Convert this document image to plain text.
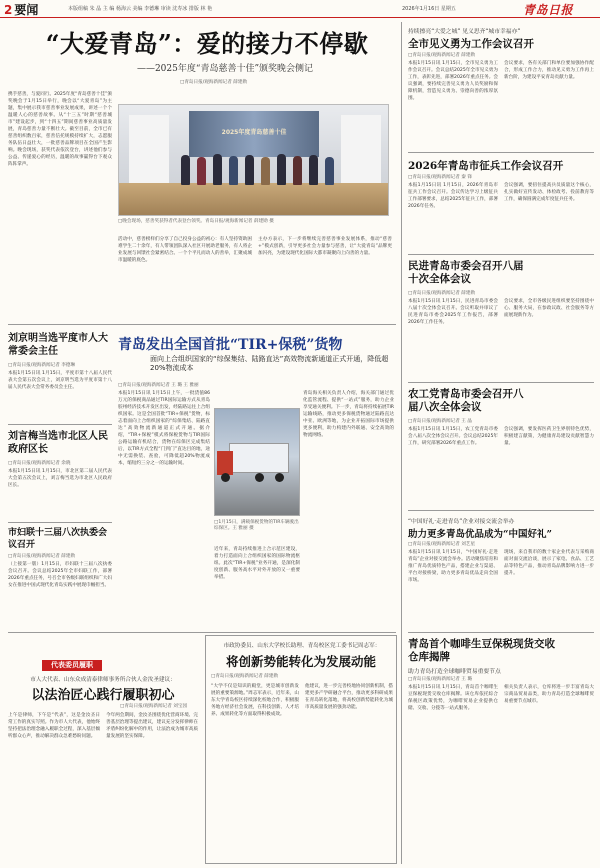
2 要闻	本版组稿 朱 晶 主 编 杨海云 美编 李德琳 审读 沈寿冰 排版 林 艳	2026年1月16日 星期五	青岛日报
“大爱青岛”：爱的接力不停歇
——2025年度“青岛慈善十佳”颁奖晚会侧记
□青岛日报/观海新闻记者 薛建勋
携手慈善，与爱同行。2025年度“青岛慈善十佳”颁奖晚会于1月15日举行，晚会以“大爱青岛”为主题，集中展示我市慈善事业发展成果，讲述一个个温暖人心的慈善故事。从“十三五”时期“慈善城市”建设起步，到“十四五”期间慈善事业高质量发展，青岛慈善力量不断壮大。截至目前，全市已有慈善组织数百家，慈善信托规模持续扩大，志愿服务队伍日益壮大，一批慈善品牌项目在全国产生影响。晚会现场，获奖代表依次登台，讲述他们参与公益、传递爱心的经历，温暖的故事赢得台下观众阵阵掌声。
2025年度青岛慈善十佳
□晚会现场，慈善奖获得者代表登台领奖。青岛日报/观海新闻记者 薛建勋 摄
活动中，慈善榜样们分享了自己投身公益的初心：有人坚持资助困难学生二十余年，有人带领团队深入社区开展助老服务，有人将企业发展与回馈社会紧密结合。一个个平凡而动人的善举，汇聚成城市温暖的底色。
主办方表示，下一步将继续完善慈善事业发展体系，推动“慈善+”模式创新，引导更多社会力量参与慈善，让“大爱青岛”品牌更加闪亮，为建设现代化国际大都市凝聚向上向善的力量。
刘京明当选平度市人大常委会主任
□青岛日报/观海新闻记者 李德琳
本报1月15日讯 1月15日，平度市第十八届人民代表大会第五次会议上，刘京明当选为平度市第十八届人民代表大会常务委员会主任。
刘言梅当选市北区人民政府区长
□青岛日报/观海新闻记者 余晓
本报1月15日讯 1月15日，市北区第二届人民代表大会第五次会议上，刘言梅当选为市北区人民政府区长。
市妇联十三届八次执委会议召开
□青岛日报/观海新闻记者 薛建勋
（上接第一版）1月15日，市妇联十三届八次执委会议召开。会议总结2025年全市妇联工作，部署2026年重点任务，号召全市各级妇联组织和广大妇女在推进中国式现代化青岛实践中展现巾帼担当。
青岛发出全国首批“TIR+保税”货物
面向上合组织国家的“综保集结、陆路直达”高效物流新通道正式开通，降低超20%物流成本
□青岛日报/观海新闻记者 王 璐 王 雅丽
本报1月15日讯 1月15日上午，一批货值86万元的保税商品通过TIR国际运输方式从青岛胶州经济技术开发区出发，经陆路运往上合组织国家。这是全国首批“TIR+保税”货物，标志着面向上合组织国家的“综保集结、陆路直达”高效物流新通道正式开通。据介绍，“TIR+保税”模式将保税货物与TIR国际公路运输有机结合，货物在综保区完成集结后，以TIR方式全程“门到门”直达目的地，途中无需换装、查验，可降低超20%物流成本，缩短约三分之一的运输时间。
□1月15日，满载保税货物的TIR车辆驶出综保区。王 雅丽 摄
近年来，青岛持续推进上合示范区建设，着力打造面向上合组织国家的国际物流枢纽。此次“TIR+保税”业务开通，是深化制度创新、服务高水平对外开放的又一重要举措。
青岛海关相关负责人介绍，海关部门通过优化监管流程、提供“一站式”服务，助力企业享受通关便利。下一步，青岛将持续拓展TIR运输线路，推动更多保税货物通过陆路直达中亚、欧洲等地，为企业开拓国际市场提供更多便利，助力构建内外联通、安全高效的物流网络。
持续擦亮“大爱之城” 见义思齐“城市幸福亦”
全市见义勇为工作会议召开
□青岛日报/观海新闻记者 薛建勋
本报1月15日讯 1月15日，全市见义勇为工作会议召开。会议总结2025年全市见义勇为工作，表彰先进，部署2026年重点任务。会议强调，要持续完善见义勇为人员奖励和保障机制，营造见义勇为、崇德向善的浓厚氛围。
会议要求，各有关部门和单位要加强协作配合，形成工作合力，推动见义勇为工作再上新台阶，为建设平安青岛贡献力量。
2026年青岛市征兵工作会议召开
□青岛日报/观海新闻记者 秦 锋
本报1月15日讯 1月15日，2026年青岛市征兵工作会议召开。会议传达学习上级征兵工作部署要求，总结2025年征兵工作，部署2026年任务。
会议强调，要扭住提高兵员质量这个核心，扎实做好宣传发动、体检政考、役前教育等工作，确保圆满完成年度征兵任务。
民进青岛市委会召开八届十次全体会议
□青岛日报/观海新闻记者 薛建勋
本报1月15日讯 1月15日，民进青岛市委会八届十次全体会议召开。会议听取并审议了民进青岛市委会2025年工作报告，部署2026年工作任务。
会议要求，全市各级民进组织要坚持围绕中心、服务大局，在参政议政、社会服务等方面展现新作为。
农工党青岛市委会召开八届八次全体会议
□青岛日报/观海新闻记者 王 晶
本报1月15日讯 1月15日，农工党青岛市委会八届八次全体会议召开。会议总结2025年工作，研究部署2026年重点工作。
会议强调，要发挥医药卫生界别特色优势，积极建言献策，为健康青岛建设贡献智慧力量。
“中国好礼·走进青岛”企业对接交流会举办
助力更多青岛优品成为“中国好礼”
□青岛日报/观海新闻记者 刘艺星
本报1月15日讯 1月15日，“中国好礼·走进青岛”企业对接交流会举办。活动聚焦培育和推广青岛优质特色产品，搭建企业与渠道、平台对接桥梁，助力更多青岛优品走向全国市场。
现场，来自我市的数十家企业代表与采购商面对面交流洽谈，展示了家电、食品、工艺品等特色产品，推动青岛品牌影响力进一步提升。
青岛首个咖啡生豆保税现货交收仓库揭牌
助力青岛打造全球咖啡贸易重要节点
□青岛日报/观海新闻记者 王 璐
本报1月15日讯 1月15日，青岛首个咖啡生豆保税现货交收仓库揭牌。该仓库依托综合保税区政策优势，为咖啡贸易企业提供仓储、交收、分拨等一站式服务。
相关负责人表示，仓库将进一步丰富青岛大宗商品贸易品类，助力青岛打造全球咖啡贸易重要节点城市。
代表委员履职
市人大代表、山东众成清泰律师事务所合伙人金汝圣建议：
以法治匠心践行履职初心
□青岛日报/观海新闻记者 刘宝园
上午是律师，下午是“代表”，这是金汝圣日常工作的真实写照。作为市人大代表，他始终坚持把法治理念融入履职全过程，深入基层倾听群众心声，推动解决群众急难愁盼问题。
今年两会期间，金汝圣围绕优化营商环境、完善基层治理等提出建议，建议充分发挥律师在矛盾纠纷化解中的作用，让法治成为城市高质量发展的坚实保障。
市政协委员、山东大学校长助理、青岛校区党工委书记周志军：
将创新势能转化为发展动能
□青岛日报/观海新闻记者 薛建勋
“大学不仅是知识的殿堂，更是城市创新发展的重要策源地。”周志军表示，近年来，山东大学青岛校区持续深化校地合作，积极服务地方经济社会发展，在科技创新、人才培养、成果转化等方面取得积极成效。
他建议，进一步完善校地协同创新机制，搭建更多产学研融合平台，推动更多科研成果在青岛转化落地，将高校创新势能转化为城市高质量发展的强劲动能。
